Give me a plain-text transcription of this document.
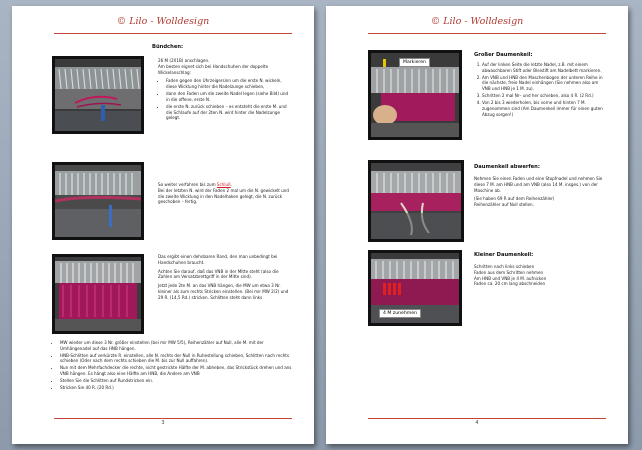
© Lilo - Wolldesign
Bündchen:

26 M (2X1B) anschlagen.
Am besten eignet sich bei Handschuhen der doppelte Wickelanschlag:

• Faden gegen den Uhrzeigersinn um die erste N. wickeln, diese Wicklung hinter die Nadelzunge schieben,
• dann den Faden um die zweite Nadel legen (siehe Bild) und in die offene, erste N.
• die erste N. zurück schieben – es entsteht die erste M. und die Schlaufe auf der 2ten N. wird hinter die Nadelzunge gelegt.

So weiter verfahren bis zum Schluß.
Bei der letzten N. wird der Faden 2 mal um die N. gewickelt und die zweite Wicklung in den Nadelhaken gelegt, die N. zurück geschoben – fertig.

Das ergibt einen dehnbaren Rand, den man unbedingt bei Handschuhen braucht.

Achten Sie darauf, daß das VNB in der Mitte steht (also die Zahlen am Versatzbrettgriff in der Mitte sind).

Jetzt jede 2te M. an das VNB hängen, die MW um etwa 3 Nr. kleiner als zum rechts Stricken einstellen. (Bei mir MW 2/2) und 29 R. (14,5 Rd.) stricken. Schlitten steht dann links

• MW wieder um diese 3 Nr. größer einstellen (bei mir MW 5/5), Reihenzähler auf Null, alle M. mit der Umhängenadel auf das HNB hängen.
• HNB-Schlitten auf verkürzte R. einstellen, alle N. rechts der Null in Ruhestellung schieben, Schlitten nach rechts schieben (Oder nach dem rechts schieben die M. bis zur Null auffahren).
• Nun mit dem Mehrfachdecker die rechte, nicht gestrickte Hälfte der M. abheben, das Strickstück drehen und ans VNB hängen. Es hängt also eine Hälfte am HNB, die Andere am VNB
• Stellen Sie die Schlitten auf Rundstricken ein.
• Stricken Sie 40 R. (20 Rd.)
3
© Lilo - Wolldesign
Markieren
Großer Daumenkeil:
1. Auf der linken Seite die letzte Nadel, z.B. mit einem abwaschbaren Stift oder Bleistift am Nadelbett markieren.
2. Am VNB und HNB den Maschenbogen der unteren Reihe in die nächste, freie Nadel einhängen (Sie nehmen also am VNB und HNB je 1 M. zu).
3. Schritten 2 mal Nr– und her schieben, also 4 R. (2 Rd.)
4. Von 2 bis 3 wiederholen, bis vorne und hinten 7 M. zugenommen sind (Am Daumenkeil immer für einen guten Abzug sorgen!)
Daumenkeil abwerfen:

Nehmen Sie einen Faden und eine Stopfnadel und nehmen Sie diese 7 M. am HNB und am VNB (also 14 M. insges.) von der Maschine ab.

(Sie haben 69 R auf dem Reihenzähler)
Reihenzähler auf Null stellen.

4 M zunehmen
Kleiner Daumenkeil:
Schritten nach links schieben
Faden aus dem Schritten nehmen
Am HNB und VNB je 4 M. aufnicken
Faden ca. 20 cm lang abschneiden
4
